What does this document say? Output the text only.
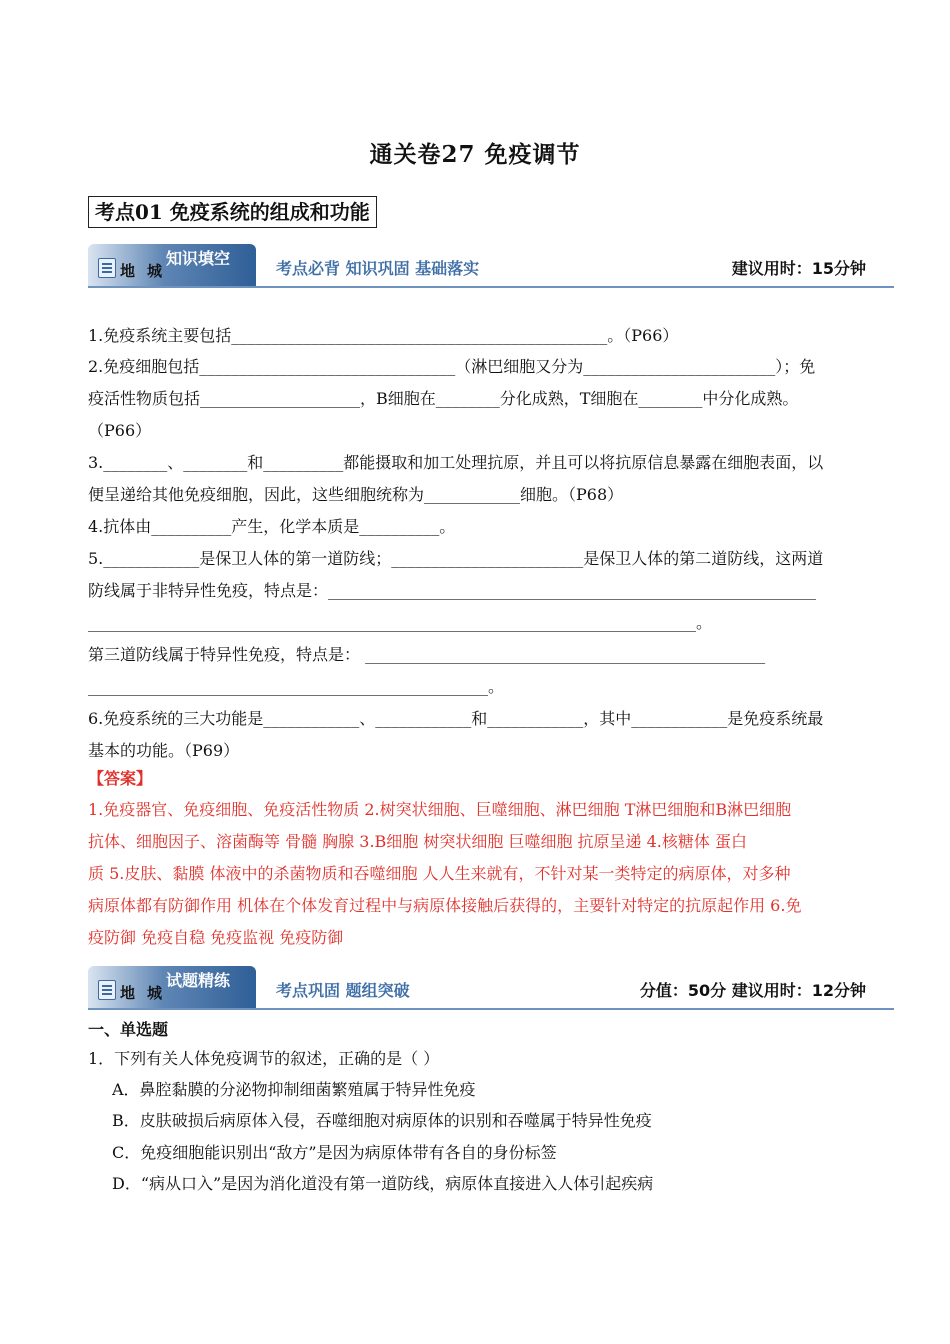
通关卷27 免疫调节
考点01 免疫系统的组成和功能
地城
知识填空
考点必背 知识巩固 基础落实	建议用时：15分钟
1.免疫系统主要包括_______________________________________________。（P66）
2.免疫细胞包括________________________________（淋巴细胞又分为________________________）；免
疫活性物质包括____________________，B细胞在________分化成熟，T细胞在________中分化成熟。
（P66）
3.________、________和__________都能摄取和加工处理抗原，并且可以将抗原信息暴露在细胞表面，以
便呈递给其他免疫细胞，因此，这些细胞统称为____________细胞。（P68）
4.抗体由__________产生，化学本质是__________。
5.____________是保卫人体的第一道防线；________________________是保卫人体的第二道防线，这两道
防线属于非特异性免疫，特点是：_____________________________________________________________
____________________________________________________________________________。
第三道防线属于特异性免疫，特点是： __________________________________________________
__________________________________________________。
6.免疫系统的三大功能是____________、____________和____________，其中____________是免疫系统最
基本的功能。（P69）
【答案】
1.免疫器官、免疫细胞、免疫活性物质 2.树突状细胞、巨噬细胞、淋巴细胞 T淋巴细胞和B淋巴细胞
抗体、细胞因子、溶菌酶等 骨髓 胸腺 3.B细胞 树突状细胞 巨噬细胞 抗原呈递 4.核糖体 蛋白
质 5.皮肤、黏膜 体液中的杀菌物质和吞噬细胞 人人生来就有，不针对某一类特定的病原体，对多种
病原体都有防御作用 机体在个体发育过程中与病原体接触后获得的，主要针对特定的抗原起作用 6.免
疫防御 免疫自稳 免疫监视 免疫防御
地城
试题精练
考点巩固 题组突破	分值：50分 建议用时：12分钟
一、单选题
1．下列有关人体免疫调节的叙述，正确的是（ ）
A．鼻腔黏膜的分泌物抑制细菌繁殖属于特异性免疫
B．皮肤破损后病原体入侵，吞噬细胞对病原体的识别和吞噬属于特异性免疫
C．免疫细胞能识别出“敌方”是因为病原体带有各自的身份标签
D．“病从口入”是因为消化道没有第一道防线，病原体直接进入人体引起疾病
